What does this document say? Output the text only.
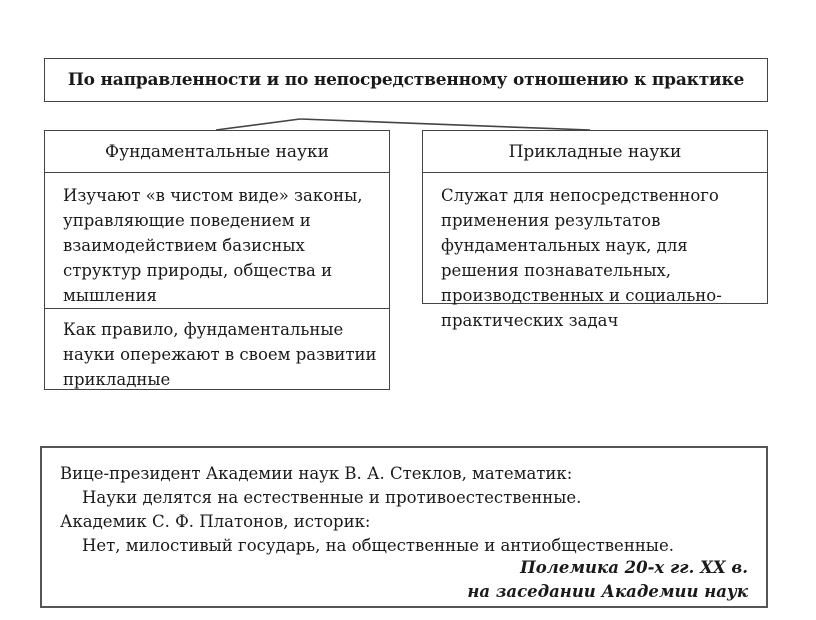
По направленности и по непосредственному отношению к практике
Фундаментальные науки	Прикладные науки
Изучают «в чистом виде» законы, управляющие поведением и взаимодействием базисных структур природы, общества и мышления
Как правило, фундаментальные науки опережают в своем развитии прикладные
Служат для непосредственного применения результатов фундаментальных наук, для решения познавательных, производственных и социально-практических задач
Вице-президент Академии наук В. А. Стеклов, математик:
Науки делятся на естественные и противоестественные.
Академик С. Ф. Платонов, историк:
Нет, милостивый государь, на общественные и антиобщественные.
Полемика 20-х гг. XX в.
на заседании Академии наук
